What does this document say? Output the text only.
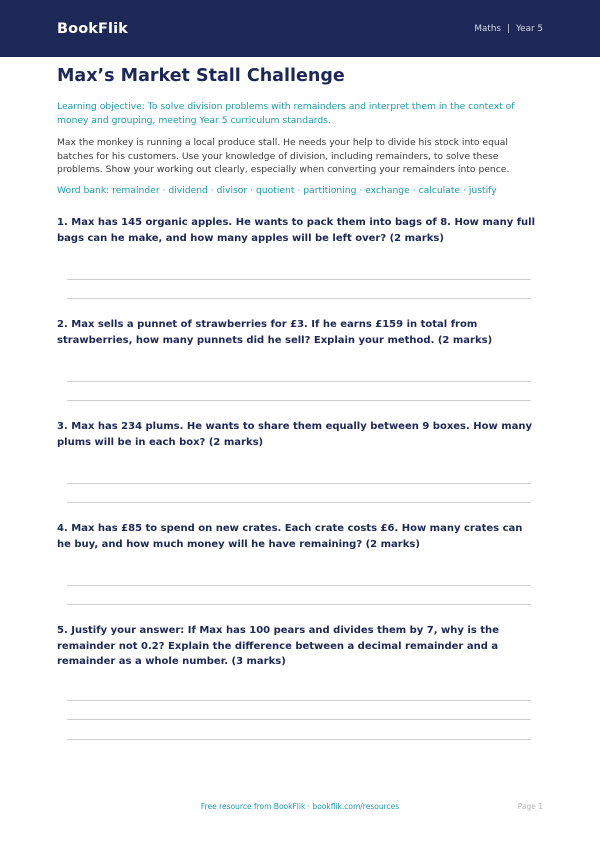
BookFlik	Maths | Year 5
Max’s Market Stall Challenge
Learning objective: To solve division problems with remainders and interpret them in the context of money and grouping, meeting Year 5 curriculum standards.
Max the monkey is running a local produce stall. He needs your help to divide his stock into equal batches for his customers. Use your knowledge of division, including remainders, to solve these problems. Show your working out clearly, especially when converting your remainders into pence.
Word bank: remainder · dividend · divisor · quotient · partitioning · exchange · calculate · justify
1. Max has 145 organic apples. He wants to pack them into bags of 8. How many full bags can he make, and how many apples will be left over? (2 marks)
2. Max sells a punnet of strawberries for £3. If he earns £159 in total from strawberries, how many punnets did he sell? Explain your method. (2 marks)
3. Max has 234 plums. He wants to share them equally between 9 boxes. How many plums will be in each box? (2 marks)
4. Max has £85 to spend on new crates. Each crate costs £6. How many crates can he buy, and how much money will he have remaining? (2 marks)
5. Justify your answer: If Max has 100 pears and divides them by 7, why is the remainder not 0.2? Explain the difference between a decimal remainder and a remainder as a whole number. (3 marks)
Free resource from BookFlik · bookflik.com/resources	Page 1
